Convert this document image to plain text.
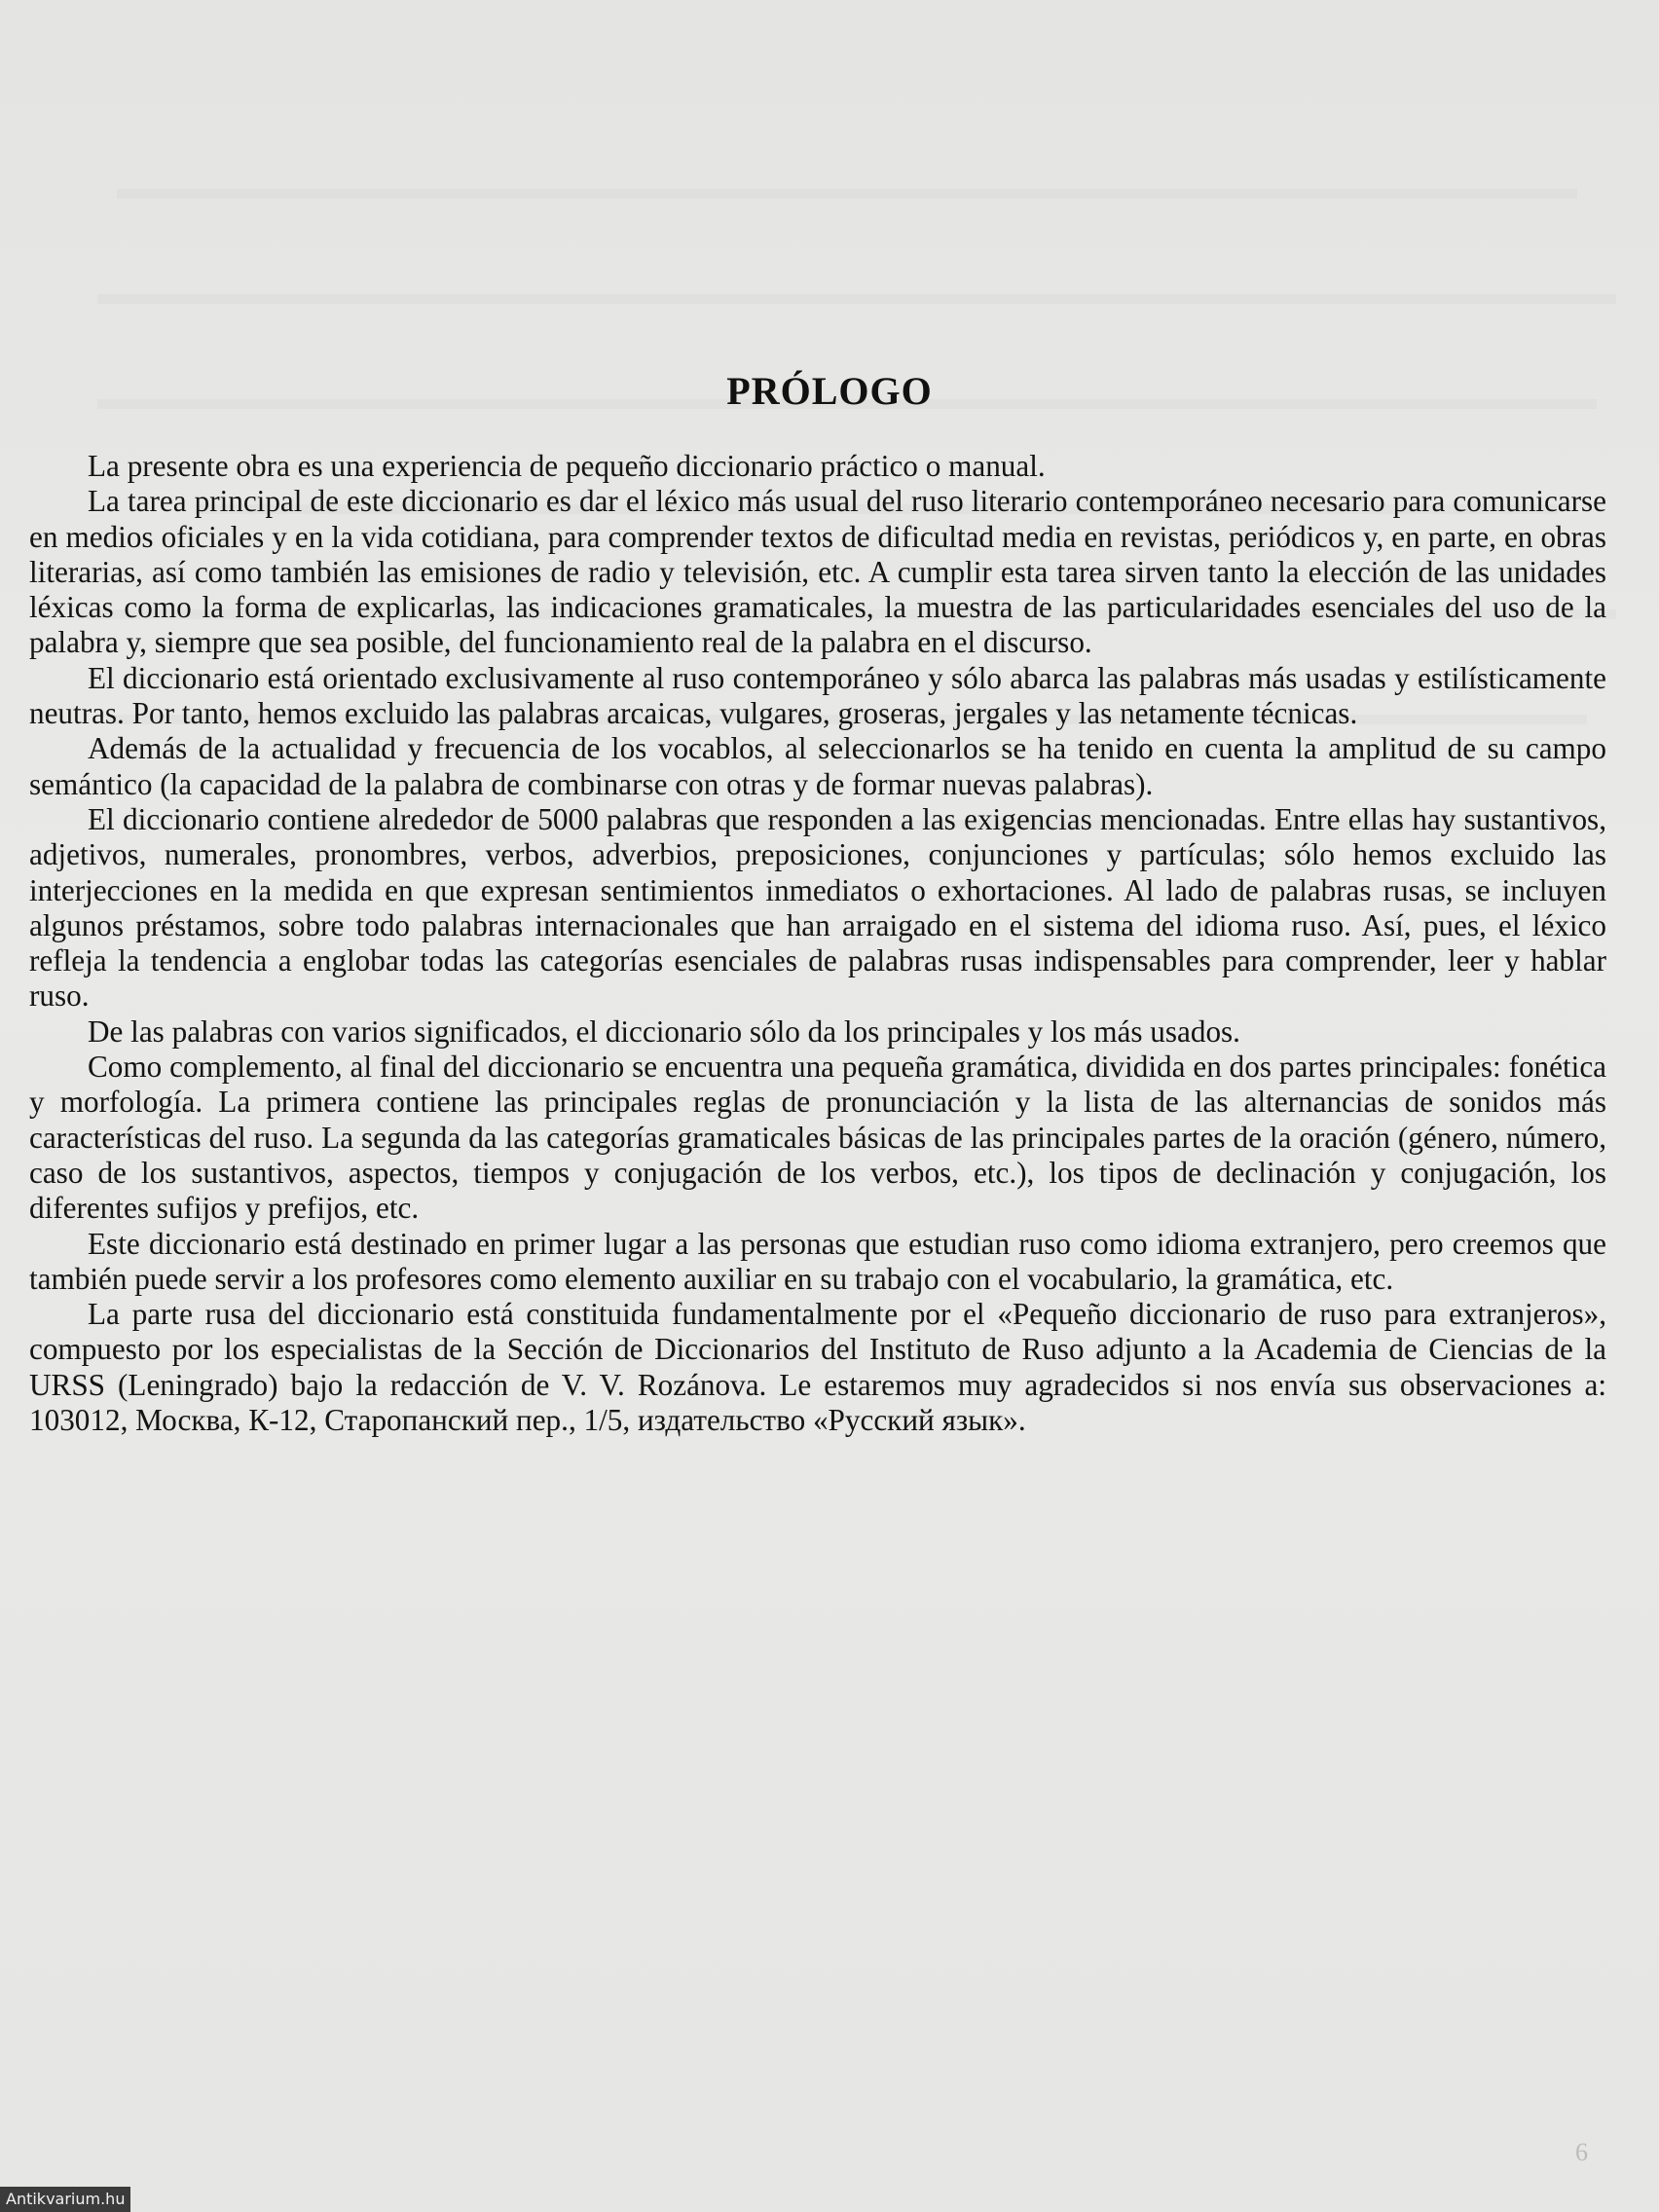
PRÓLOGO

La presente obra es una experiencia de pequeño diccionario práctico o manual.

La tarea principal de este diccionario es dar el léxico más usual del ruso literario contemporáneo necesario para comunicarse en medios oficiales y en la vida cotidiana, para comprender textos de dificultad media en revistas, periódicos y, en parte, en obras literarias, así como también las emisiones de radio y televisión, etc. A cumplir esta tarea sirven tanto la elección de las unidades léxicas como la forma de explicarlas, las indicaciones gramaticales, la muestra de las particularidades esenciales del uso de la palabra y, siempre que sea posible, del funcionamiento real de la palabra en el discurso.

El diccionario está orientado exclusivamente al ruso contemporáneo y sólo abarca las palabras más usadas y estilísticamente neutras. Por tanto, hemos excluido las palabras arcaicas, vulgares, groseras, jergales y las netamente técnicas.

Además de la actualidad y frecuencia de los vocablos, al seleccionarlos se ha tenido en cuenta la amplitud de su campo semántico (la capacidad de la palabra de combinarse con otras y de formar nuevas palabras).

El diccionario contiene alrededor de 5000 palabras que responden a las exigencias mencionadas. Entre ellas hay sustantivos, adjetivos, numerales, pronombres, verbos, adverbios, preposiciones, conjunciones y partículas; sólo hemos excluido las interjecciones en la medida en que expresan sentimientos inmediatos o exhortaciones. Al lado de palabras rusas, se incluyen algunos préstamos, sobre todo palabras internacionales que han arraigado en el sistema del idioma ruso. Así, pues, el léxico refleja la tendencia a englobar todas las categorías esenciales de palabras rusas indispensables para comprender, leer y hablar ruso.

De las palabras con varios significados, el diccionario sólo da los principales y los más usados.

Como complemento, al final del diccionario se encuentra una pequeña gramática, dividida en dos partes principales: fonética y morfología. La primera contiene las principales reglas de pronunciación y la lista de las alternancias de sonidos más características del ruso. La segunda da las categorías gramaticales básicas de las principales partes de la oración (género, número, caso de los sustantivos, aspectos, tiempos y conjugación de los verbos, etc.), los tipos de declinación y conjugación, los diferentes sufijos y prefijos, etc.

Este diccionario está destinado en primer lugar a las personas que estudian ruso como idioma extranjero, pero creemos que también puede servir a los profesores como elemento auxiliar en su trabajo con el vocabulario, la gramática, etc.

La parte rusa del diccionario está constituida fundamentalmente por el «Pequeño diccionario de ruso para extranjeros», compuesto por los especialistas de la Sección de Diccionarios del Instituto de Ruso adjunto a la Academia de Ciencias de la URSS (Leningrado) bajo la redacción de V. V. Rozánova. Le estaremos muy agradecidos si nos envía sus observaciones a: 103012, Москва, К-12, Старопанский пер., 1/5, издательство «Русский язык».

6
Antikvarium.hu
